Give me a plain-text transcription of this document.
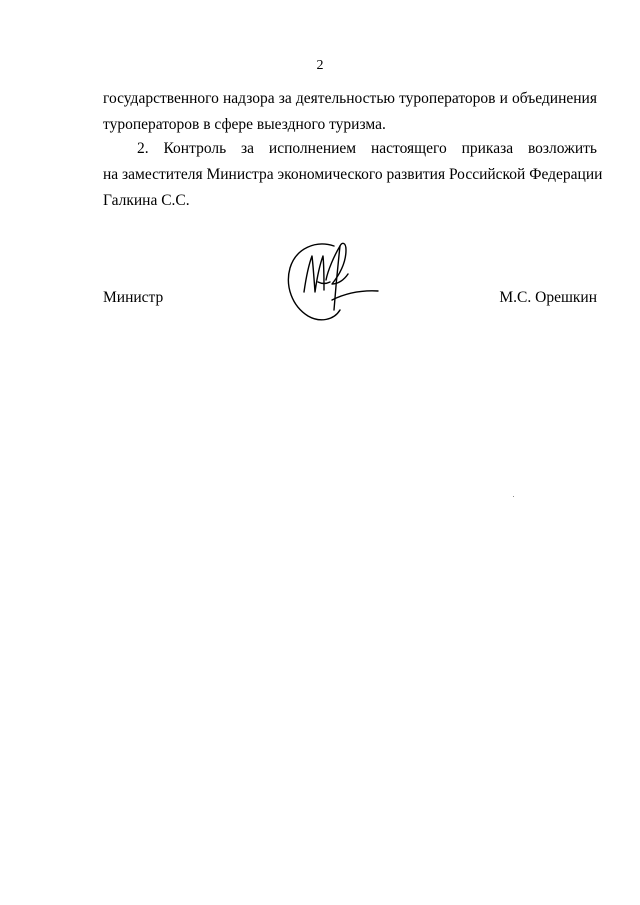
2
государственного надзора за деятельностью туроператоров и объединения
туроператоров в сфере выездного туризма.
2. Контроль за исполнением настоящего приказа возложить
на заместителя Министра экономического развития Российской Федерации
Галкина С.С.
Министр	М.С. Орешкин
